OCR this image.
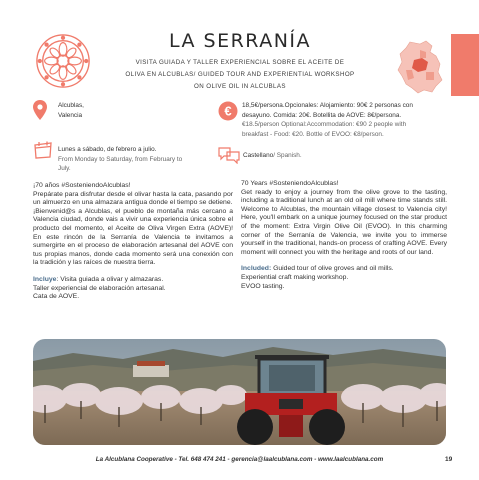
LA SERRANÍA
VISITA GUIADA Y TALLER EXPERIENCIAL SOBRE EL ACEITE DE
OLIVA EN ALCUBLAS/ GUIDED TOUR AND EXPERIENTIAL WORKSHOP
ON OLIVE OIL IN ALCUBLAS
Alcublas,
Valencia
Lunes a sábado, de febrero a julio.
From Monday to Saturday, from February to
July.
€ 18,5€/persona.Opcionales: Alojamiento: 90€ 2 personas con
desayuno. Comida: 20€. Botellita de AOVE: 8€/persona.
€18.5/person Optional:Accommodation: €90 2 people with
breakfast - Food: €20. Bottle of EVOO: €8/person.
Castellano/ Spanish.

¡70 años #SosteniendoAlcublas!

Prepárate para disfrutar desde el olivar hasta la cata, pasando por un almuerzo en una almazara antigua donde el tiempo se detiene.

¡Bienvenid@s a Alcublas, el pueblo de montaña más cercano a Valencia ciudad, donde vais a vivir una experiencia única sobre el producto del momento, el Aceite de Oliva Virgen Extra (AOVE)! En este rincón de la Serranía de Valencia te invitamos a sumergirte en el proceso de elaboración artesanal del AOVE con tus propias manos, donde cada momento será una conexión con la tradición y las raíces de nuestra tierra.

Incluye: Visita guiada a olivar y almazaras.

Taller experiencial de elaboración artesanal.

Cata de AOVE.

70 Years #SosteniendoAlcublas!

Get ready to enjoy a journey from the olive grove to the tasting, including a traditional lunch at an old oil mill where time stands still. Welcome to Alcublas, the mountain village closest to Valencia city! Here, you'll embark on a unique journey focused on the star product of the moment: Extra Virgin Olive Oil (EVOO). In this charming corner of the Serranía de Valencia, we invite you to immerse yourself in the traditional, hands-on process of crafting AOVE. Every moment will connect you with the heritage and roots of our land.

Included: Guided tour of olive groves and oil mills.

Experiential craft making workshop.

EVOO tasting.

La Alcublana Cooperative - Tel. 648 474 241 - gerencia@laalcublana.com - www.laalcublana.com	19
